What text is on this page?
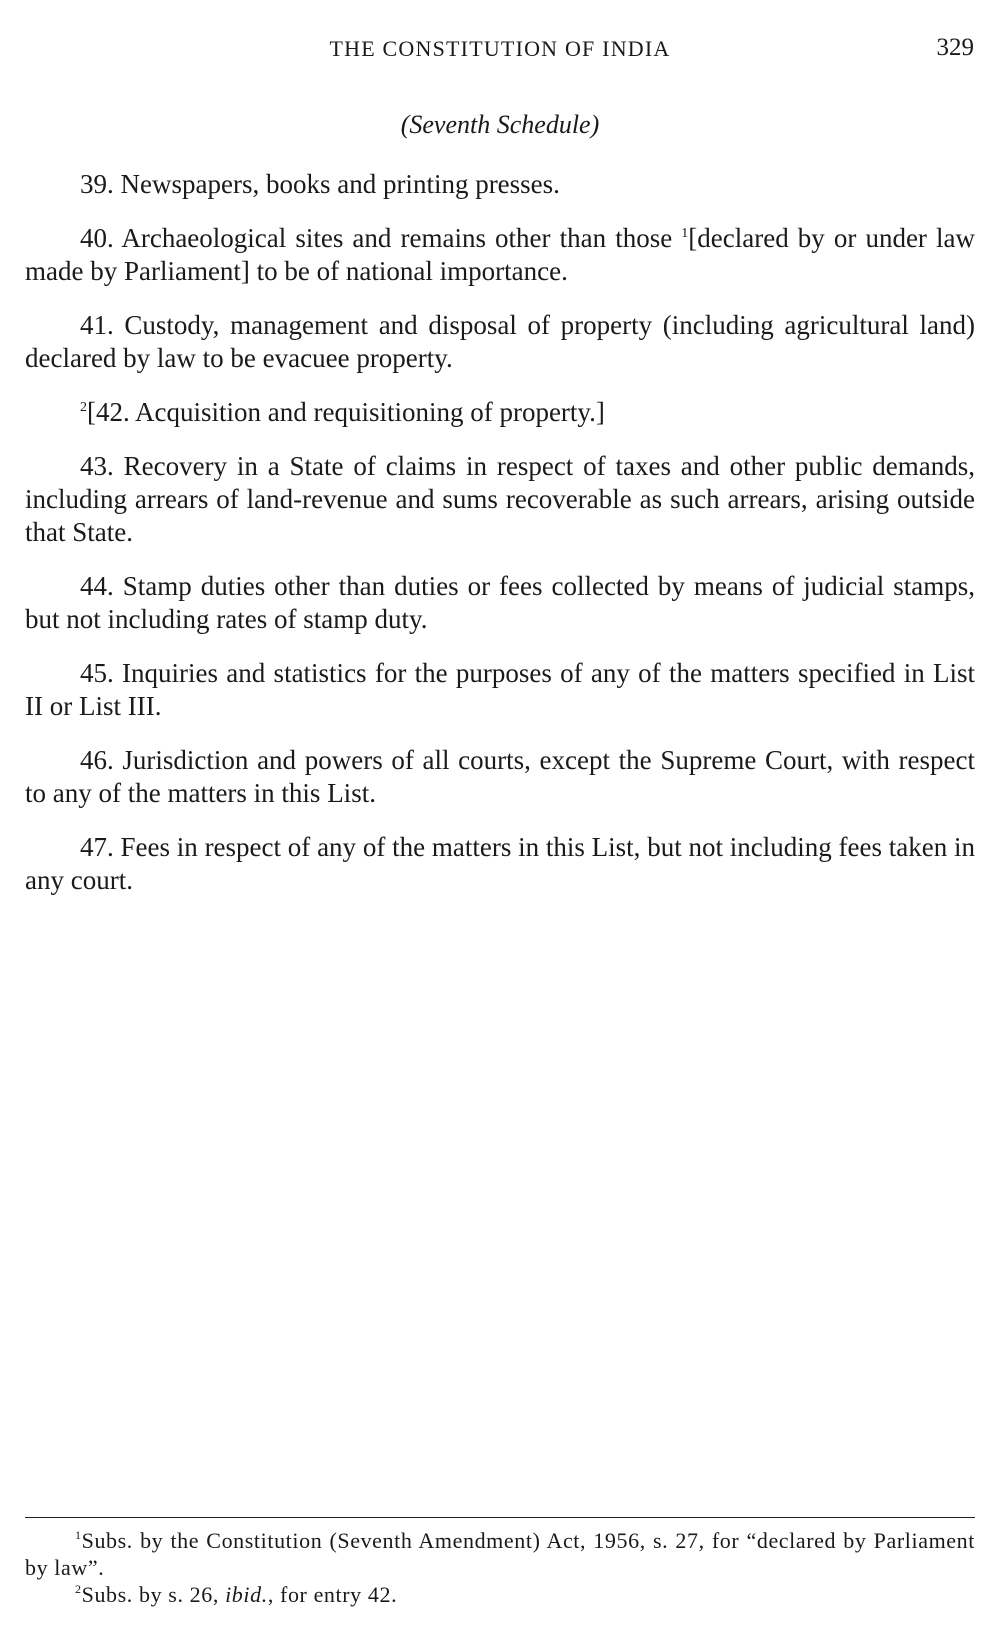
THE CONSTITUTION OF INDIA	329
(Seventh Schedule)

39. Newspapers, books and printing presses.

40. Archaeological sites and remains other than those $^1$[declared by or under law made by Parliament] to be of national importance.

41. Custody, management and disposal of property (including agricultural land) declared by law to be evacuee property.

$^2$[42. Acquisition and requisitioning of property.]

43. Recovery in a State of claims in respect of taxes and other public demands, including arrears of land-revenue and sums recoverable as such arrears, arising outside that State.

44. Stamp duties other than duties or fees collected by means of judicial stamps, but not including rates of stamp duty.

45. Inquiries and statistics for the purposes of any of the matters specified in List II or List III.

46. Jurisdiction and powers of all courts, except the Supreme Court, with respect to any of the matters in this List.

47. Fees in respect of any of the matters in this List, but not including fees taken in any court.

$^1$Subs. by the Constitution (Seventh Amendment) Act, 1956, s. 27, for “declared by Parliament by law”.

$^2$Subs. by s. 26, ibid., for entry 42.
